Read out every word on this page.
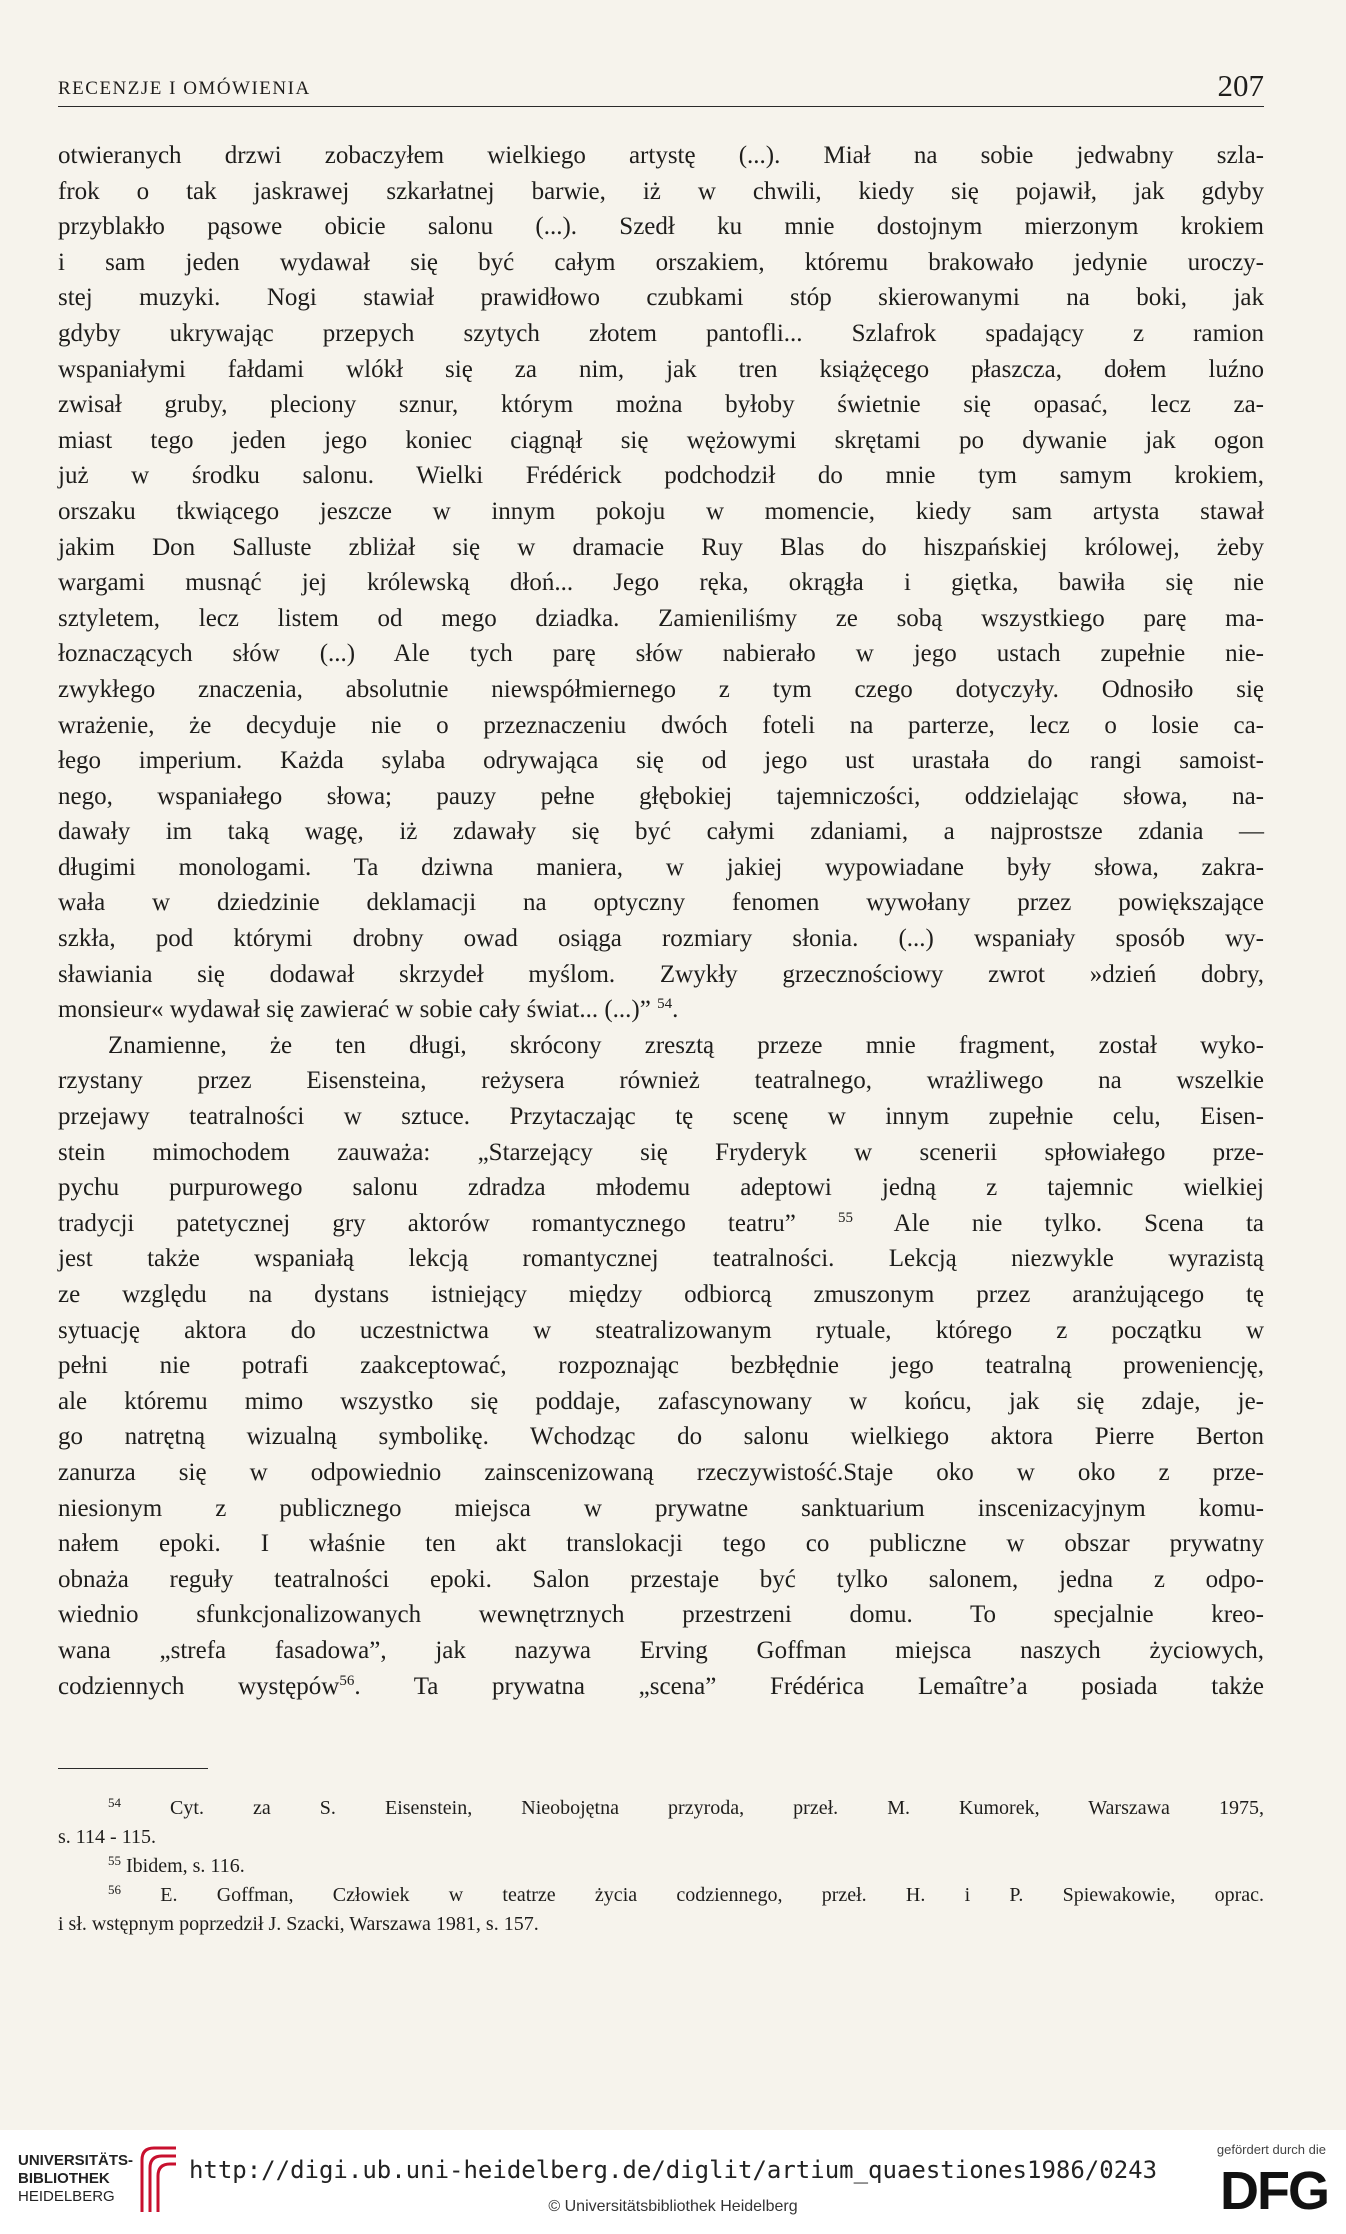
RECENZJE I OMÓWIENIA	207
otwieranych drzwi zobaczyłem wielkiego artystę (...). Miał na sobie jedwabny szla-
frok o tak jaskrawej szkarłatnej barwie, iż w chwili, kiedy się pojawił, jak gdyby
przyblakło pąsowe obicie salonu (...). Szedł ku mnie dostojnym mierzonym krokiem
i sam jeden wydawał się być całym orszakiem, któremu brakowało jedynie uroczy-
stej muzyki. Nogi stawiał prawidłowo czubkami stóp skierowanymi na boki, jak
gdyby ukrywając przepych szytych złotem pantofli... Szlafrok spadający z ramion
wspaniałymi fałdami wlókł się za nim, jak tren książęcego płaszcza, dołem luźno
zwisał gruby, pleciony sznur, którym można byłoby świetnie się opasać, lecz za-
miast tego jeden jego koniec ciągnął się wężowymi skrętami po dywanie jak ogon
już w środku salonu. Wielki Frédérick podchodził do mnie tym samym krokiem,
orszaku tkwiącego jeszcze w innym pokoju w momencie, kiedy sam artysta stawał
jakim Don Salluste zbliżał się w dramacie Ruy Blas do hiszpańskiej królowej, żeby
wargami musnąć jej królewską dłoń... Jego ręka, okrągła i giętka, bawiła się nie
sztyletem, lecz listem od mego dziadka. Zamieniliśmy ze sobą wszystkiego parę ma-
łoznaczących słów (...) Ale tych parę słów nabierało w jego ustach zupełnie nie-
zwykłego znaczenia, absolutnie niewspółmiernego z tym czego dotyczyły. Odnosiło się
wrażenie, że decyduje nie o przeznaczeniu dwóch foteli na parterze, lecz o losie ca-
łego imperium. Każda sylaba odrywająca się od jego ust urastała do rangi samoist-
nego, wspaniałego słowa; pauzy pełne głębokiej tajemniczości, oddzielając słowa, na-
dawały im taką wagę, iż zdawały się być całymi zdaniami, a najprostsze zdania —
długimi monologami. Ta dziwna maniera, w jakiej wypowiadane były słowa, zakra-
wała w dziedzinie deklamacji na optyczny fenomen wywołany przez powiększające
szkła, pod którymi drobny owad osiąga rozmiary słonia. (...) wspaniały sposób wy-
sławiania się dodawał skrzydeł myślom. Zwykły grzecznościowy zwrot »dzień dobry,
monsieur« wydawał się zawierać w sobie cały świat... (...)” $^{54}$.
Znamienne, że ten długi, skrócony zresztą przeze mnie fragment, został wyko-
rzystany przez Eisensteina, reżysera również teatralnego, wrażliwego na wszelkie
przejawy teatralności w sztuce. Przytaczając tę scenę w innym zupełnie celu, Eisen-
stein mimochodem zauważa: „Starzejący się Fryderyk w scenerii spłowiałego prze-
pychu purpurowego salonu zdradza młodemu adeptowi jedną z tajemnic wielkiej
tradycji patetycznej gry aktorów romantycznego teatru”	$^{55}$ Ale nie tylko. Scena ta
jest także wspaniałą lekcją romantycznej teatralności. Lekcją niezwykle wyrazistą
ze względu na dystans istniejący między odbiorcą zmuszonym przez aranżującego tę
sytuację aktora do uczestnictwa w steatralizowanym rytuale, którego z początku w
pełni nie potrafi zaakceptować, rozpoznając bezbłędnie jego teatralną proweniencję,
ale któremu mimo wszystko się poddaje, zafascynowany w końcu, jak się zdaje, je-
go natrętną wizualną symbolikę. Wchodząc do salonu wielkiego aktora Pierre Berton
zanurza się w odpowiednio zainscenizowaną rzeczywistość.Staje oko w oko z prze-
niesionym z publicznego miejsca w prywatne sanktuarium inscenizacyjnym komu-
nałem epoki. I właśnie ten akt translokacji tego co publiczne w obszar prywatny
obnaża reguły teatralności epoki. Salon przestaje być tylko salonem, jedna z odpo-
wiednio sfunkcjonalizowanych wewnętrznych przestrzeni domu. To specjalnie kreo-
wana „strefa fasadowa”, jak nazywa Erving Goffman miejsca naszych życiowych,
codziennych występów$^{56}$. Ta prywatna „scena” Frédérica Lemaître’a posiada także
$^{54}$ Cyt. za S. Eisenstein, Nieobojętna przyroda, przeł. M. Kumorek, Warszawa 1975,
s. 114 - 115.
$^{55}$ Ibidem, s. 116.
$^{56}$ E. Goffman, Człowiek w teatrze życia codziennego, przeł. H. i P. Spiewakowie, oprac.
i sł. wstępnym poprzedził J. Szacki, Warszawa 1981, s. 157.
UNIVERSITÄTS-
BIBLIOTHEK
HEIDELBERG
http://digi.ub.uni-heidelberg.de/diglit/artium_quaestiones1986/0243
© Universitätsbibliothek Heidelberg
gefördert durch die
DFG
